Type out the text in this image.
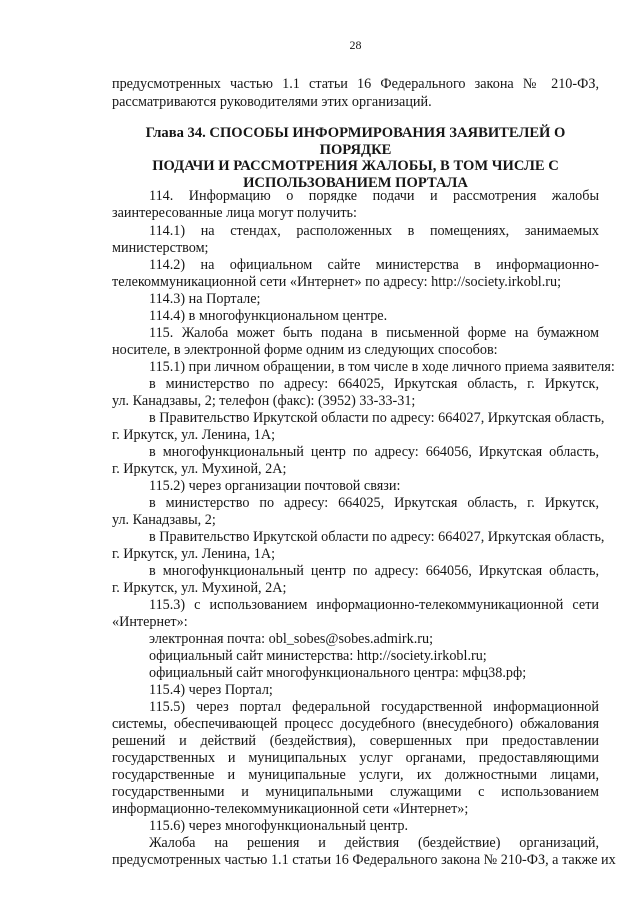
28
предусмотренных частью 1.1 статьи 16 Федерального закона № 210-ФЗ,
рассматриваются руководителями этих организаций.
Глава 34. СПОСОБЫ ИНФОРМИРОВАНИЯ ЗАЯВИТЕЛЕЙ О ПОРЯДКЕ
ПОДАЧИ И РАССМОТРЕНИЯ ЖАЛОБЫ, В ТОМ ЧИСЛЕ С
ИСПОЛЬЗОВАНИЕМ ПОРТАЛА
114. Информацию о порядке подачи и рассмотрения жалобы
заинтересованные лица могут получить:
114.1) на стендах, расположенных в помещениях, занимаемых
министерством;
114.2) на официальном сайте министерства в информационно-
телекоммуникационной сети «Интернет» по адресу: http://society.irkobl.ru;
114.3) на Портале;
114.4) в многофункциональном центре.
115. Жалоба может быть подана в письменной форме на бумажном
носителе, в электронной форме одним из следующих способов:
115.1) при личном обращении, в том числе в ходе личного приема заявителя:
в министерство по адресу: 664025, Иркутская область, г. Иркутск,
ул. Канадзавы, 2; телефон (факс): (3952) 33-33-31;
в Правительство Иркутской области по адресу: 664027, Иркутская область,
г. Иркутск, ул. Ленина, 1А;
в многофункциональный центр по адресу: 664056, Иркутская область,
г. Иркутск, ул. Мухиной, 2А;
115.2) через организации почтовой связи:
в министерство по адресу: 664025, Иркутская область, г. Иркутск,
ул. Канадзавы, 2;
в Правительство Иркутской области по адресу: 664027, Иркутская область,
г. Иркутск, ул. Ленина, 1А;
в многофункциональный центр по адресу: 664056, Иркутская область,
г. Иркутск, ул. Мухиной, 2А;
115.3) с использованием информационно-телекоммуникационной сети
«Интернет»:
электронная почта: obl_sobes@sobes.admirk.ru;
официальный сайт министерства: http://society.irkobl.ru;
официальный сайт многофункционального центра: мфц38.рф;
115.4) через Портал;
115.5) через портал федеральной государственной информационной
системы, обеспечивающей процесс досудебного (внесудебного) обжалования
решений и действий (бездействия), совершенных при предоставлении
государственных и муниципальных услуг органами, предоставляющими
государственные и муниципальные услуги, их должностными лицами,
государственными и муниципальными служащими с использованием
информационно-телекоммуникационной сети «Интернет»;
115.6) через многофункциональный центр.
Жалоба на решения и действия (бездействие) организаций,
предусмотренных частью 1.1 статьи 16 Федерального закона № 210-ФЗ, а также их
